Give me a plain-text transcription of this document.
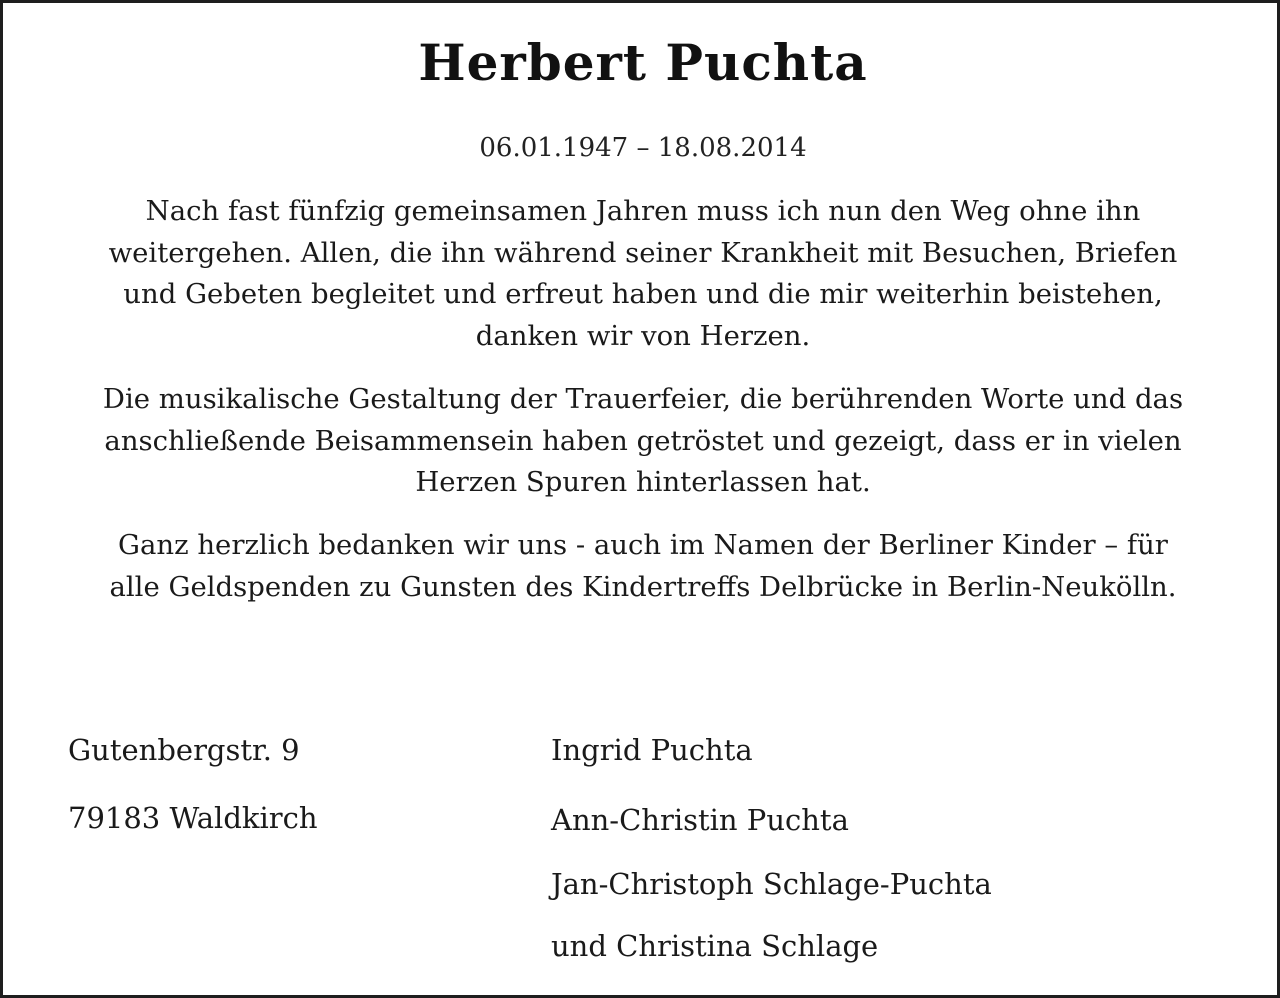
Herbert Puchta
06.01.1947 – 18.08.2014
Nach fast fünfzig gemeinsamen Jahren muss ich nun den Weg ohne ihn
weitergehen. Allen, die ihn während seiner Krankheit mit Besuchen, Briefen
und Gebeten begleitet und erfreut haben und die mir weiterhin beistehen,
danken wir von Herzen.
Die musikalische Gestaltung der Trauerfeier, die berührenden Worte und das
anschließende Beisammensein haben getröstet und gezeigt, dass er in vielen
Herzen Spuren hinterlassen hat.
Ganz herzlich bedanken wir uns - auch im Namen der Berliner Kinder – für
alle Geldspenden zu Gunsten des Kindertreffs Delbrücke in Berlin-Neukölln.
Gutenbergstr. 9
79183 Waldkirch
Ingrid Puchta
Ann-Christin Puchta
Jan-Christoph Schlage-Puchta
und Christina Schlage
